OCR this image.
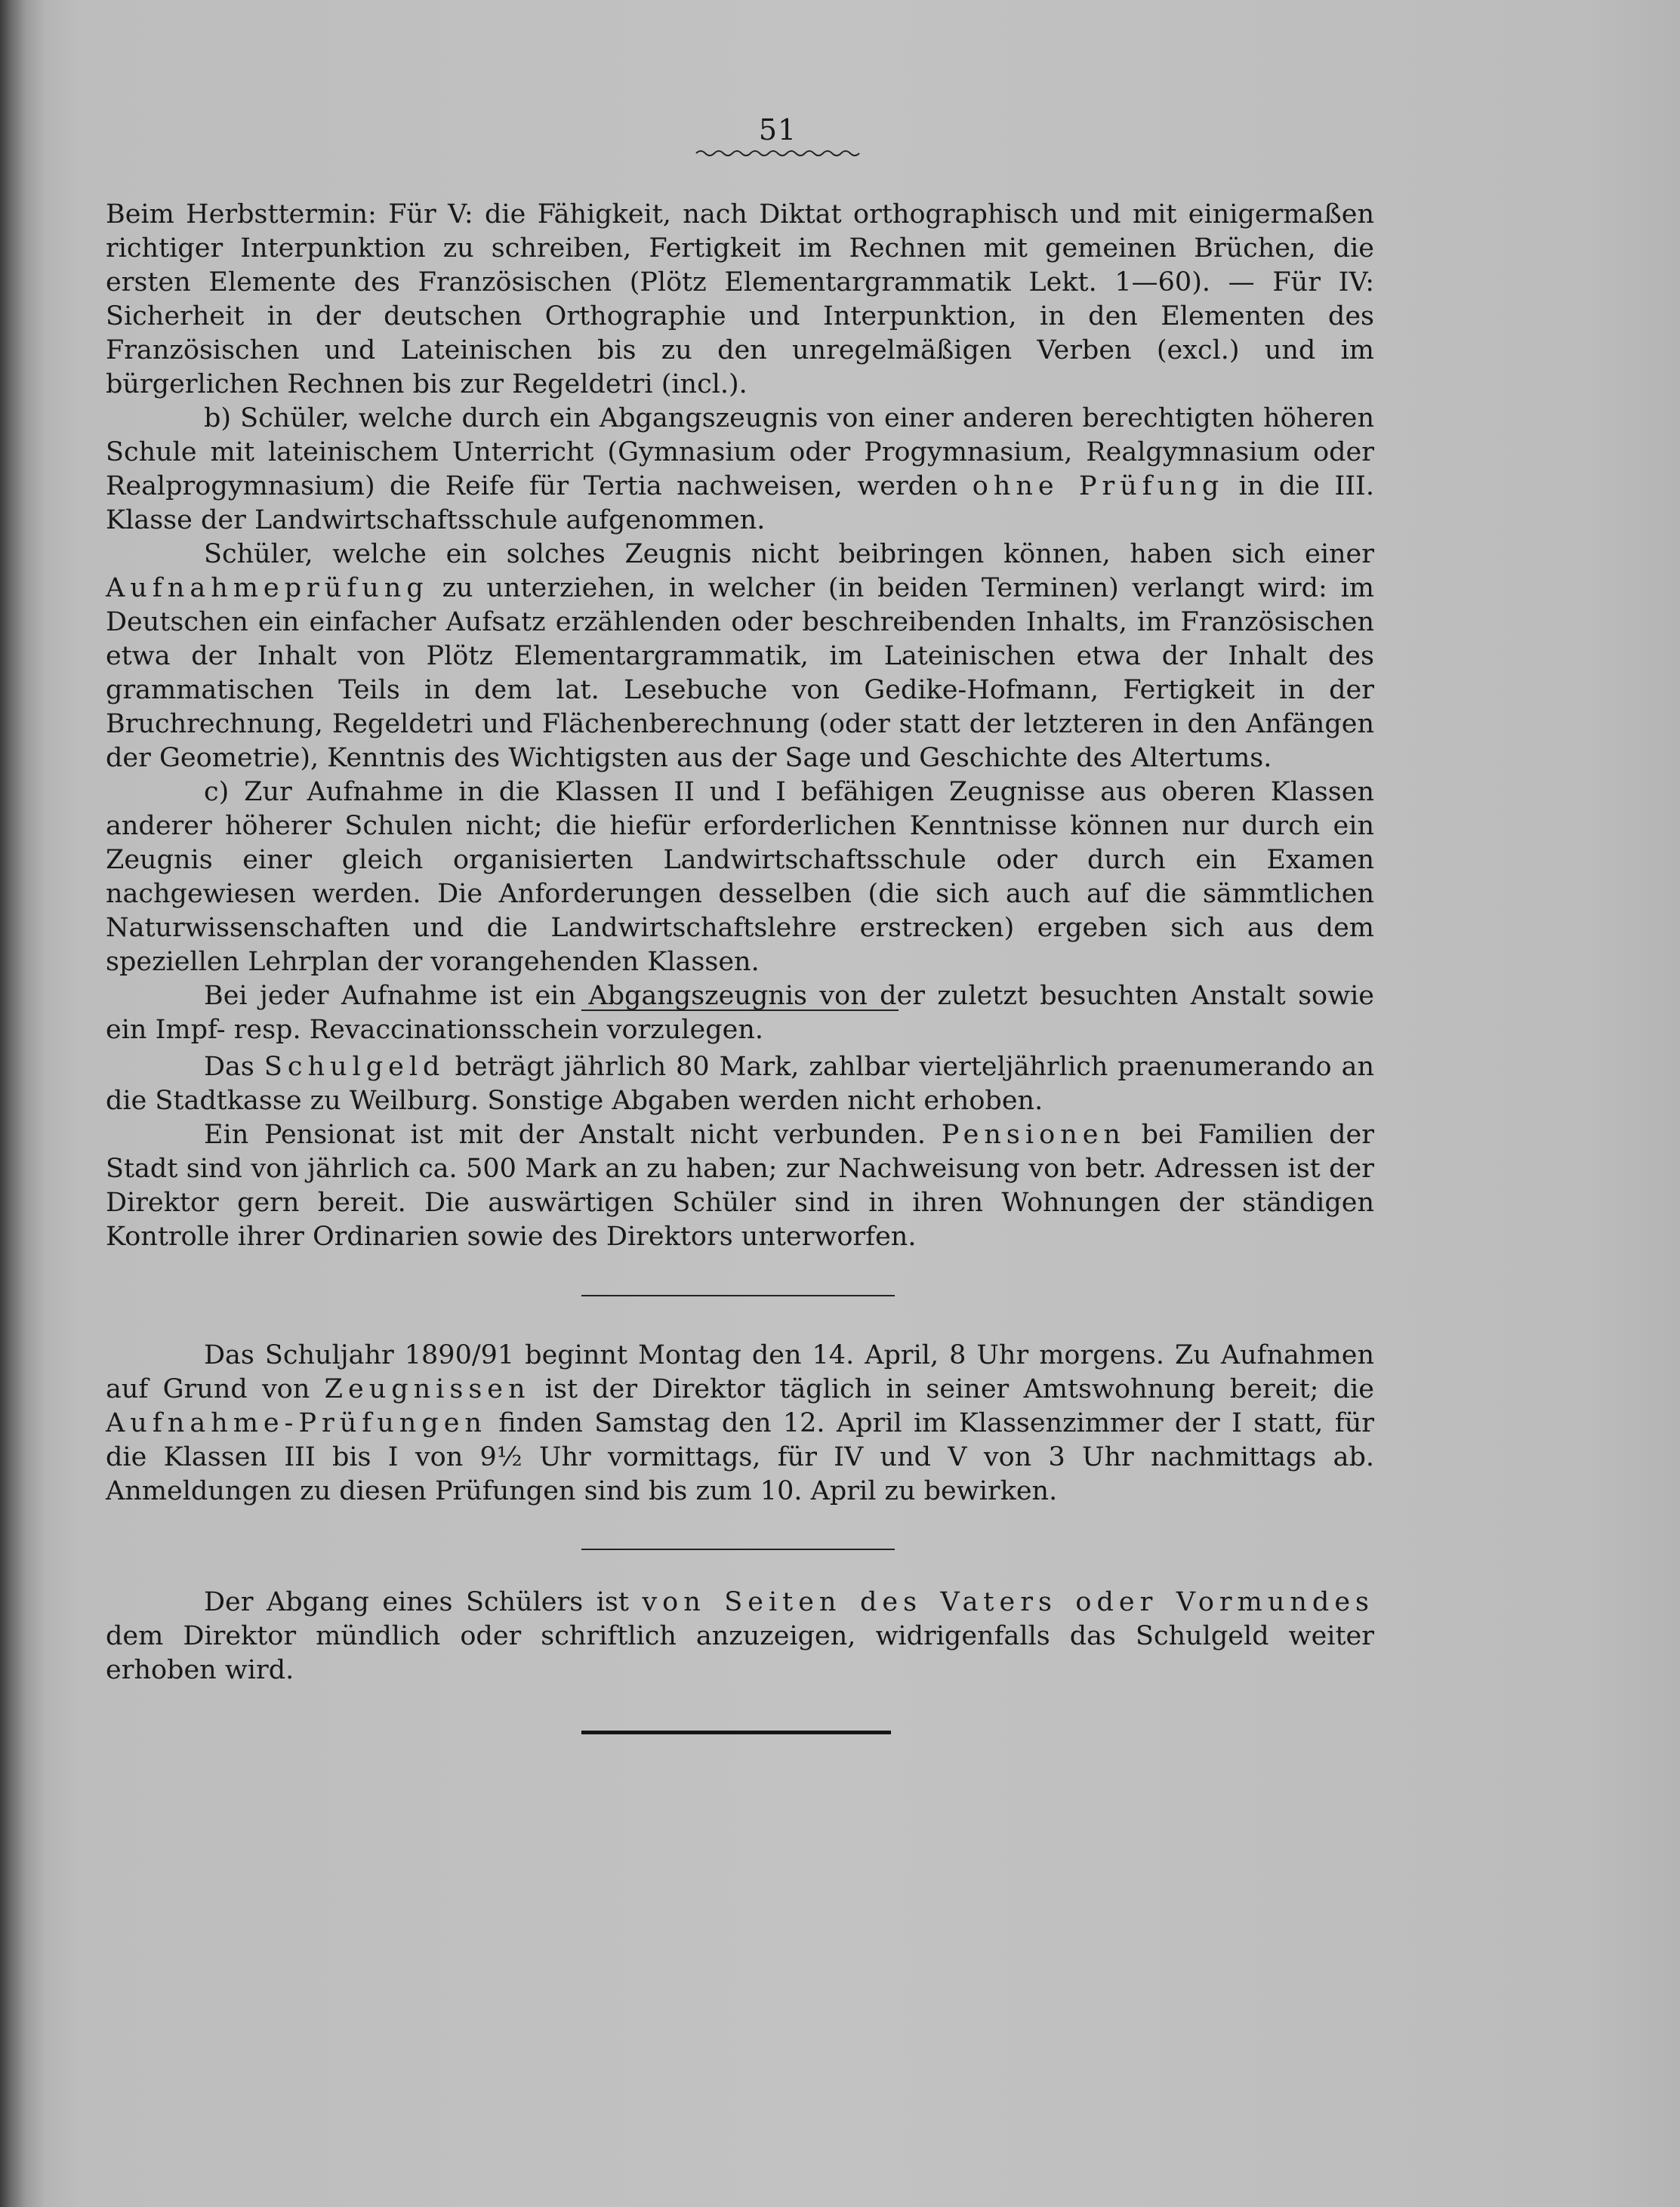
51

Beim Herbsttermin: Für V: die Fähigkeit, nach Diktat orthographisch und mit einigermaßen richtiger Interpunktion zu schreiben, Fertigkeit im Rechnen mit gemeinen Brüchen, die ersten Elemente des Französischen (Plötz Elementargrammatik Lekt. 1—60). — Für IV: Sicherheit in der deutschen Orthographie und Interpunktion, in den Elementen des Französischen und Lateinischen bis zu den unregelmäßigen Verben (excl.) und im bürgerlichen Rechnen bis zur Regeldetri (incl.).

b) Schüler, welche durch ein Abgangszeugnis von einer anderen berechtigten höheren Schule mit lateinischem Unterricht (Gymnasium oder Progymnasium, Realgymnasium oder Realprogymnasium) die Reife für Tertia nachweisen, werden ohne Prüfung in die III. Klasse der Landwirtschaftsschule aufgenommen.

Schüler, welche ein solches Zeugnis nicht beibringen können, haben sich einer Aufnahmeprüfung zu unterziehen, in welcher (in beiden Terminen) verlangt wird: im Deutschen ein einfacher Aufsatz erzählenden oder beschreibenden Inhalts, im Französischen etwa der Inhalt von Plötz Elementargrammatik, im Lateinischen etwa der Inhalt des grammatischen Teils in dem lat. Lesebuche von Gedike-Hofmann, Fertigkeit in der Bruchrechnung, Regeldetri und Flächenberechnung (oder statt der letzteren in den Anfängen der Geometrie), Kenntnis des Wichtigsten aus der Sage und Geschichte des Altertums.

c) Zur Aufnahme in die Klassen II und I befähigen Zeugnisse aus oberen Klassen anderer höherer Schulen nicht; die hiefür erforderlichen Kenntnisse können nur durch ein Zeugnis einer gleich organisierten Landwirtschaftsschule oder durch ein Examen nachgewiesen werden. Die Anforderungen desselben (die sich auch auf die sämmtlichen Naturwissenschaften und die Landwirtschaftslehre erstrecken) ergeben sich aus dem speziellen Lehrplan der vorangehenden Klassen.

Bei jeder Aufnahme ist ein Abgangszeugnis von der zuletzt besuchten Anstalt sowie ein Impf- resp. Revaccinationsschein vorzulegen.

Das Schulgeld beträgt jährlich 80 Mark, zahlbar vierteljährlich praenumerando an die Stadtkasse zu Weilburg. Sonstige Abgaben werden nicht erhoben.

Ein Pensionat ist mit der Anstalt nicht verbunden. Pensionen bei Familien der Stadt sind von jährlich ca. 500 Mark an zu haben; zur Nachweisung von betr. Adressen ist der Direktor gern bereit. Die auswärtigen Schüler sind in ihren Wohnungen der ständigen Kontrolle ihrer Ordinarien sowie des Direktors unterworfen.

Das Schuljahr 1890/91 beginnt Montag den 14. April, 8 Uhr morgens. Zu Aufnahmen auf Grund von Zeugnissen ist der Direktor täglich in seiner Amtswohnung bereit; die Aufnahme-Prüfungen finden Samstag den 12. April im Klassenzimmer der I statt, für die Klassen III bis I von 9½ Uhr vormittags, für IV und V von 3 Uhr nachmittags ab. Anmeldungen zu diesen Prüfungen sind bis zum 10. April zu bewirken.

Der Abgang eines Schülers ist von Seiten des Vaters oder Vormundes dem Direktor mündlich oder schriftlich anzuzeigen, widrigenfalls das Schulgeld weiter erhoben wird.
